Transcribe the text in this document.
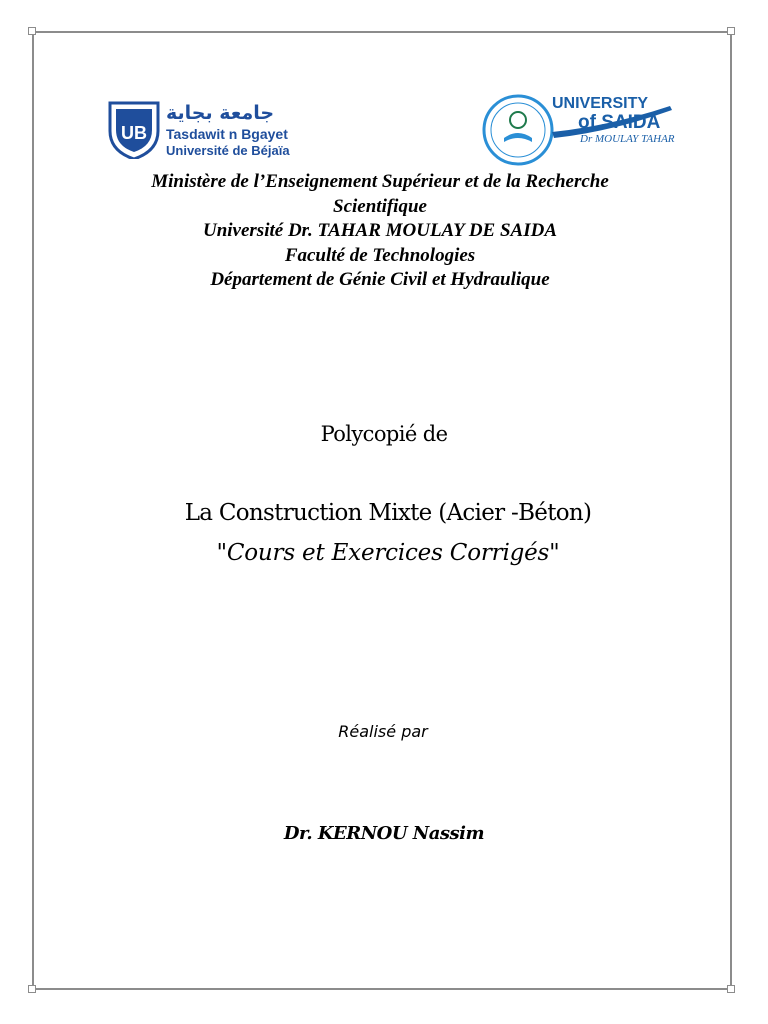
UB
جامعة بجاية
Tasdawit n Bgayet
Université de Béjaïa
UNIVERSITY
of SAIDA
Dr MOULAY TAHAR
Ministère de l’Enseignement Supérieur et de la Recherche
Scientifique
Université Dr. TAHAR MOULAY DE SAIDA
Faculté de Technologies
Département de Génie Civil et Hydraulique
Polycopié de
La Construction Mixte (Acier -Béton)
"Cours et Exercices Corrigés"
Réalisé par
Dr. KERNOU Nassim
